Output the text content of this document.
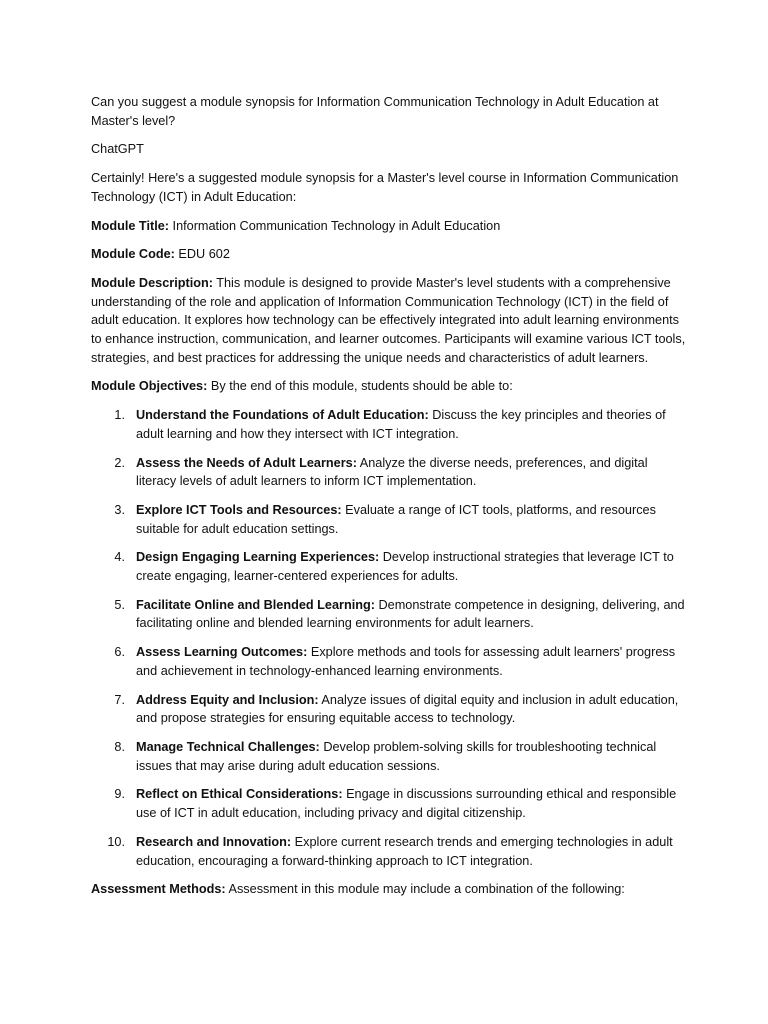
Can you suggest a module synopsis for Information Communication Technology in Adult Education at Master's level?

ChatGPT

Certainly! Here's a suggested module synopsis for a Master's level course in Information Communication Technology (ICT) in Adult Education:

Module Title: Information Communication Technology in Adult Education

Module Code: EDU 602

Module Description: This module is designed to provide Master's level students with a comprehensive understanding of the role and application of Information Communication Technology (ICT) in the field of adult education. It explores how technology can be effectively integrated into adult learning environments to enhance instruction, communication, and learner outcomes. Participants will examine various ICT tools, strategies, and best practices for addressing the unique needs and characteristics of adult learners.

Module Objectives: By the end of this module, students should be able to:

1. Understand the Foundations of Adult Education: Discuss the key principles and theories of adult learning and how they intersect with ICT integration.
2. Assess the Needs of Adult Learners: Analyze the diverse needs, preferences, and digital literacy levels of adult learners to inform ICT implementation.
3. Explore ICT Tools and Resources: Evaluate a range of ICT tools, platforms, and resources suitable for adult education settings.
4. Design Engaging Learning Experiences: Develop instructional strategies that leverage ICT to create engaging, learner-centered experiences for adults.
5. Facilitate Online and Blended Learning: Demonstrate competence in designing, delivering, and facilitating online and blended learning environments for adult learners.
6. Assess Learning Outcomes: Explore methods and tools for assessing adult learners' progress and achievement in technology-enhanced learning environments.
7. Address Equity and Inclusion: Analyze issues of digital equity and inclusion in adult education, and propose strategies for ensuring equitable access to technology.
8. Manage Technical Challenges: Develop problem-solving skills for troubleshooting technical issues that may arise during adult education sessions.
9. Reflect on Ethical Considerations: Engage in discussions surrounding ethical and responsible use of ICT in adult education, including privacy and digital citizenship.
10. Research and Innovation: Explore current research trends and emerging technologies in adult education, encouraging a forward-thinking approach to ICT integration.

Assessment Methods: Assessment in this module may include a combination of the following:
